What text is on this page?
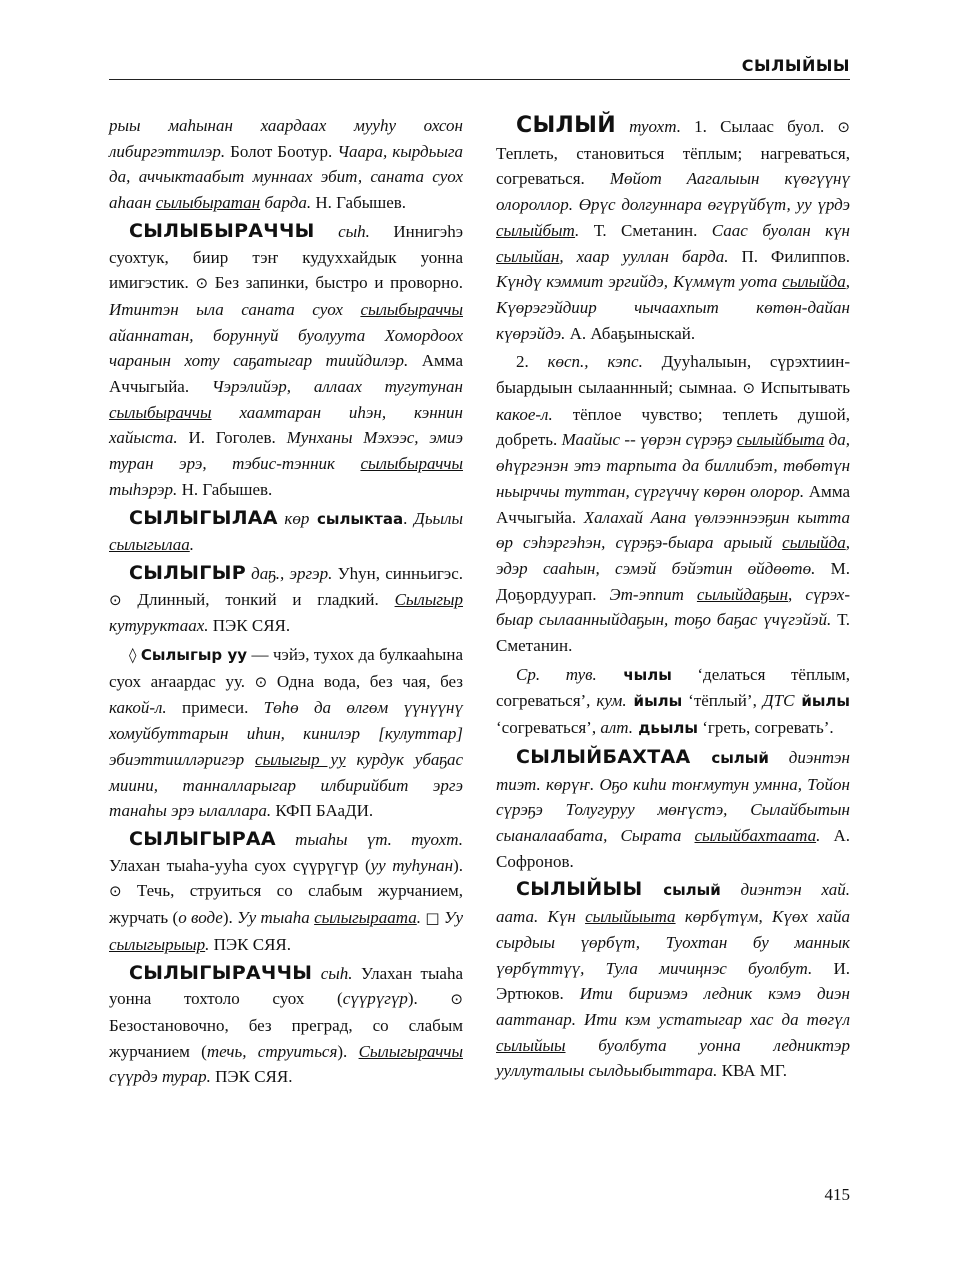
СЫЛЫЙЫЫ

рыы маһынан хаардаах мууһу охсон либиргэттилэр. Болот Боотур. Чаара, кырдьыга да, аччыктаабыт муннаах эбит, саната суох аһаан сылыбыратан барда. Н. Габышев.

СЫЛЫБЫРАЧЧЫ сыһ. Иннигэһэ суохтук, биир тэҥ кудуххайдык уонна имигэстик. ⊙ Без запинки, быстро и проворно. Итинтэн ыла саната суох сылыбыраччы айаннатан, боруннуй буолуута Хомордоох чаранын хоту саҕатыгар тиийдилэр. Амма Аччыгыйа. Чэрэлийэр, аллаах тугутунан сылыбыраччы хаамтаран иһэн, кэннин хайыста. И. Гоголев. Мунханы Мэхээс, эмиэ туран эрэ, тэбис-тэнник сылыбыраччы тыһэрэр. Н. Габышев.

СЫЛЫГЫЛАА көр сылыктаа. Дьылы сылыгылаа.

СЫЛЫГЫР даҕ., эргэр. Уһун, синньигэс. ⊙ Длинный, тонкий и гладкий. Сылыгыр кутуруктаах. ПЭК СЯЯ.

◊ Сылыгыр уу — чэйэ, тухох да булкааһына суох аҥаардас уу. ⊙ Одна вода, без чая, без какой-л. примеси. Төһө да өлгөм үүнүүнү хомуйбуттарын иһин, кинилэр [кулуттар] эбиэттиилләригэр сылыгыр уу курдук убаҕас миини, танналларыгар илбирийбит эргэ танаһы эрэ ылаллара. КФП БАаДИ.

СЫЛЫГЫРАА тыаһы үт. туохт. Улахан тыаһа-ууһа суох сүүрүгүр (уу туһунан). ⊙ Течь, струиться со слабым журчанием, журчать (о воде). Уу тыаһа сылыгыраата. □ Уу сылыгырыыр. ПЭК СЯЯ.

СЫЛЫГЫРАЧЧЫ сыһ. Улахан тыаһа уонна тохтоло суох (сүүрүгүр). ⊙ Безостановочно, без преград, со слабым журчанием (течь, струиться). Сылыгыраччы сүүрдэ турар. ПЭК СЯЯ.

СЫЛЫЙ туохт. 1. Сылаас буол. ⊙ Теплеть, становиться тёплым; нагреваться, согреваться. Мөйот Аагалыын күөгүүнү олороллор. Өрүс долгуннара өгүрүйбүт, уу үрдэ сылыйбыт. Т. Сметанин. Саас буолан күн сылыйан, хаар ууллан барда. П. Филиппов. Күндү кэммит эргийдэ, Күммүт уота сылыйда, Күөрэгэйдиир чычаахпыт көтөн-дайан күөрэйдэ. А. Абаҕыныскай.

2. көсп., кэпс. Дууһалыын, сүрэхтиинбыардыын сылааннный; сымнаа. ⊙ Испытывать какое-л. тёплое чувство; теплеть душой, добреть. Маайыс -- үөрэн сүрэҕэ сылыйбыта да, өһүргэнэн этэ тарпыта да биллибэт, төбөтүн ньырччы туттан, сүргүччү көрөн олорор. Амма Аччыгыйа. Халахай Аана үөлээннээҕин кытта өр сэһэргэһэн, сүрэҕэ-быара арыый сылыйда, эдэр сааһын, сэмэй бэйэтин өйдөөтө. М. Доҕордуурап. Эт-эппит сылыйдаҕын, сүрэх-быар сылаанныйдаҕын, тоҕо баҕас үчүгэйэй. Т. Сметанин.

Ср. тув. чылы ‘делаться тёплым, согреваться’, кум. йылы ‘тёплый’, ДТС йылы ‘согреваться’, алт. дьылы ‘греть, согревать’.

СЫЛЫЙБАХТАА сылый диэнтэн тиэт. көрүҥ. Оҕо киһи тоҥмутун умнна, Тойон сүрэҕэ Толугуруу мөҥүстэ, Сылайбытын сыаналаабата, Сырата сылыйбахтаата. А. Софронов.

СЫЛЫЙЫЫ сылый диэнтэн хай. аата. Күн сылыйыыта көрбүтүм, Күөх хайа сырдыы үөрбүт, Туохтан бу маннык үөрбүттүү, Тула мичиңнэс буолбут. И. Эртюков. Ити бириэмэ ледник кэмэ диэн ааттанар. Ити кэм устатыгар хас да төгүл сылыйыы буолбута уонна ледниктэр ууллуталыы сылдьыбыттара. КВА МГ.

415
